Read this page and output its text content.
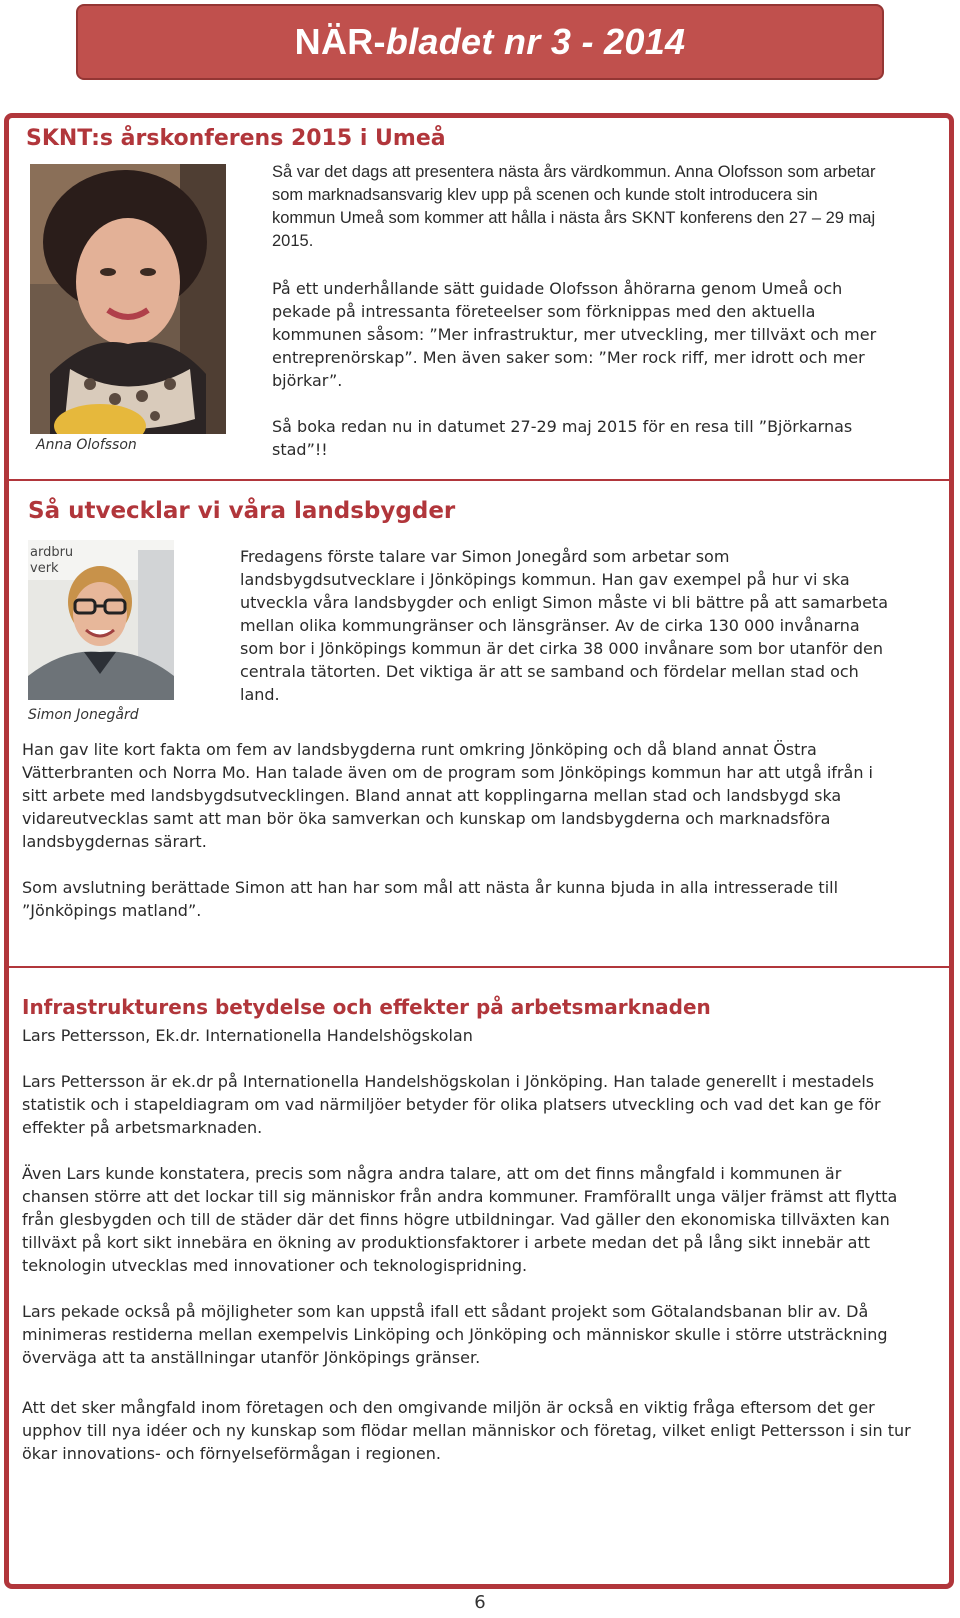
NÄR-bladet nr 3 - 2014
SKNT:s årskonferens 2015 i Umeå
Anna Olofsson

Så var det dags att presentera nästa års värdkommun. Anna Olofsson som arbetar som marknadsansvarig klev upp på scenen och kunde stolt introducera sin kommun Umeå som kommer att hålla i nästa års SKNT konferens den 27 – 29 maj 2015.

På ett underhållande sätt guidade Olofsson åhörarna genom Umeå och pekade på intressanta företeelser som förknippas med den aktuella kommunen såsom: ”Mer infrastruktur, mer utveckling, mer tillväxt och mer entreprenörskap”. Men även saker som: ”Mer rock riff, mer idrott och mer björkar”.

Så boka redan nu in datumet 27-29 maj 2015 för en resa till ”Björkarnas stad”!!

Så utvecklar vi våra landsbygder
ardbru
verk
Simon Jonegård

Fredagens förste talare var Simon Jonegård som arbetar som landsbygdsutvecklare i Jönköpings kommun. Han gav exempel på hur vi ska utveckla våra landsbygder och enligt Simon måste vi bli bättre på att samarbeta mellan olika kommungränser och länsgränser. Av de cirka 130 000 invånarna som bor i Jönköpings kommun är det cirka 38 000 invånare som bor utanför den centrala tätorten. Det viktiga är att se samband och fördelar mellan stad och land.

Han gav lite kort fakta om fem av landsbygderna runt omkring Jönköping och då bland annat Östra Vätterbranten och Norra Mo. Han talade även om de program som Jönköpings kommun har att utgå ifrån i sitt arbete med landsbygdsutvecklingen. Bland annat att kopplingarna mellan stad och landsbygd ska vidareutvecklas samt att man bör öka samverkan och kunskap om landsbygderna och marknadsföra landsbygdernas särart.

Som avslutning berättade Simon att han har som mål att nästa år kunna bjuda in alla intresserade till ”Jönköpings matland”.

Infrastrukturens betydelse och effekter på arbetsmarknaden

Lars Pettersson, Ek.dr. Internationella Handelshögskolan

Lars Pettersson är ek.dr på Internationella Handelshögskolan i Jönköping. Han talade generellt i mestadels statistik och i stapeldiagram om vad närmiljöer betyder för olika platsers utveckling och vad det kan ge för effekter på arbetsmarknaden.

Även Lars kunde konstatera, precis som några andra talare, att om det finns mångfald i kommunen är chansen större att det lockar till sig människor från andra kommuner. Framförallt unga väljer främst att flytta från glesbygden och till de städer där det finns högre utbildningar. Vad gäller den ekonomiska tillväxten kan tillväxt på kort sikt innebära en ökning av produktionsfaktorer i arbete medan det på lång sikt innebär att teknologin utvecklas med innovationer och teknologispridning.

Lars pekade också på möjligheter som kan uppstå ifall ett sådant projekt som Götalandsbanan blir av. Då minimeras restiderna mellan exempelvis Linköping och Jönköping och människor skulle i större utsträckning överväga att ta anställningar utanför Jönköpings gränser.

Att det sker mångfald inom företagen och den omgivande miljön är också en viktig fråga eftersom det ger upphov till nya idéer och ny kunskap som flödar mellan människor och företag, vilket enligt Pettersson i sin tur ökar innovations- och förnyelseförmågan i regionen.

6
